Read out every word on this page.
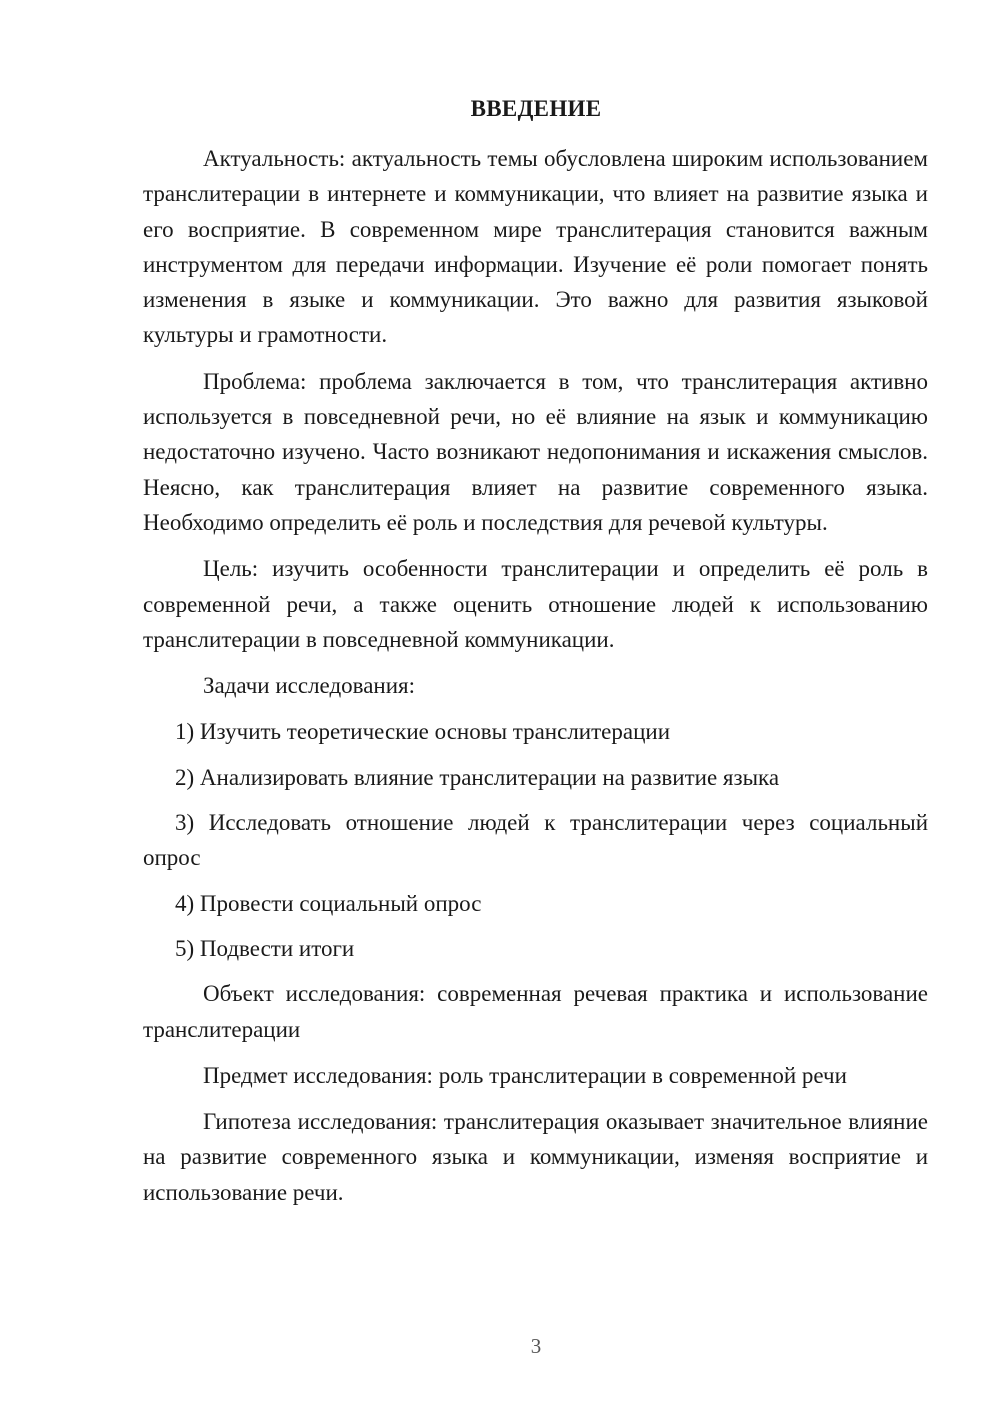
ВВЕДЕНИЕ

Актуальность: актуальность темы обусловлена широким использованием транслитерации в интернете и коммуникации, что влияет на развитие языка и его восприятие. В современном мире транслитерация становится важным инструментом для передачи информации. Изучение её роли помогает понять изменения в языке и коммуникации. Это важно для развития языковой культуры и грамотности.

Проблема: проблема заключается в том, что транслитерация активно используется в повседневной речи, но её влияние на язык и коммуникацию недостаточно изучено. Часто возникают недопонимания и искажения смыслов. Неясно, как транслитерация влияет на развитие современного языка. Необходимо определить её роль и последствия для речевой культуры.

Цель: изучить особенности транслитерации и определить её роль в современной речи, а также оценить отношение людей к использованию транслитерации в повседневной коммуникации.

Задачи исследования:

1) Изучить теоретические основы транслитерации

2) Анализировать влияние транслитерации на развитие языка

3) Исследовать отношение людей к транслитерации через социальный опрос

4) Провести социальный опрос

5) Подвести итоги

Объект исследования: современная речевая практика и использование транслитерации

Предмет исследования: роль транслитерации в современной речи

Гипотеза исследования: транслитерация оказывает значительное влияние на развитие современного языка и коммуникации, изменяя восприятие и использование речи.

3
